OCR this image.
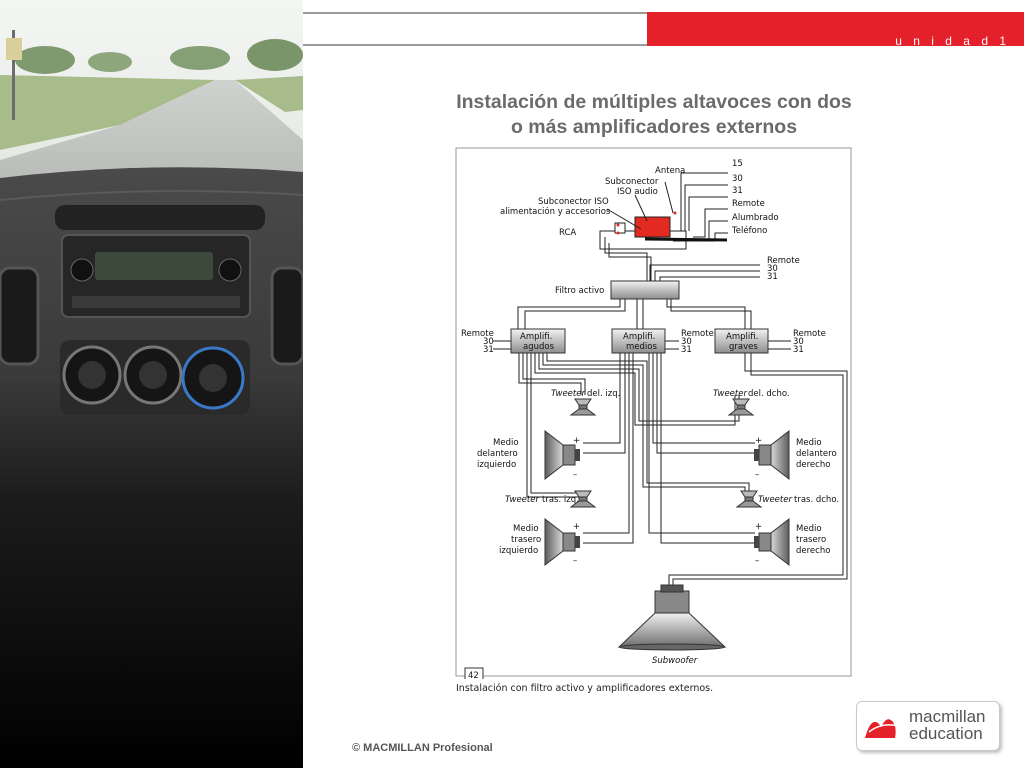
u n i d a d 1
Instalación de múltiples altavoces con dos
o más amplificadores externos
Antena
Subconector
ISO audio
Subconector ISO
alimentación y accesorios
RCA
15
30
31
Remote
Alumbrado
Teléfono
Filtro activo
Remote
30
31
Amplifi.
agudos
Amplifi.
medios
Amplifi.
graves
Remote
30
31
Remote
30
31
Remote
30
31
Tweeter del. izq.	Tweeter del. dcho.
+
–
Medio
delantero
izquierdo
+
–
Medio
delantero
derecho
Tweeter tras. izq.	Tweeter tras. dcho.
+
–
Medio
trasero
izquierdo
+
–
Medio
trasero
derecho
Subwoofer
42
Instalación con filtro activo y amplificadores externos.
© MACMILLAN Profesional
macmillan
education
